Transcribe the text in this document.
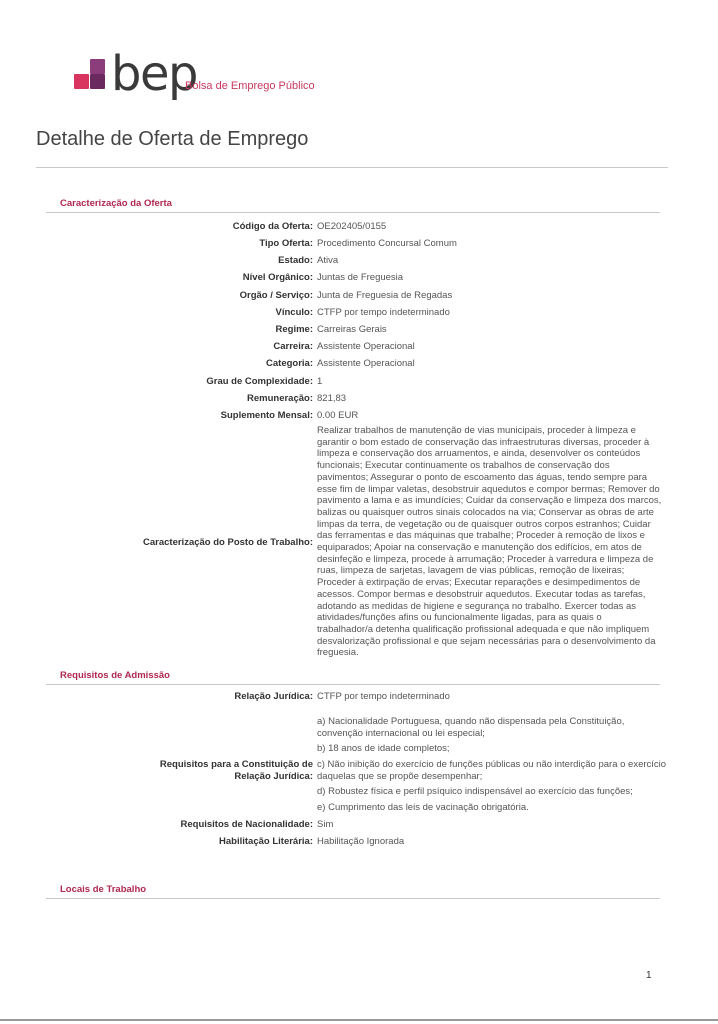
bep
Bolsa de Emprego Público
Detalhe de Oferta de Emprego
Caracterização da Oferta
Código da Oferta: OE202405/0155
Tipo Oferta: Procedimento Concursal Comum
Estado: Ativa
Nível Orgânico: Juntas de Freguesia
Orgão / Serviço: Junta de Freguesia de Regadas
Vínculo: CTFP por tempo indeterminado
Regime: Carreiras Gerais
Carreira: Assistente Operacional
Categoria: Assistente Operacional
Grau de Complexidade: 1
Remuneração: 821,83
Suplemento Mensal: 0.00 EUR
Caracterização do Posto de Trabalho:
Realizar trabalhos de manutenção de vias municipais, proceder à limpeza e
garantir o bom estado de conservação das infraestruturas diversas, proceder à
limpeza e conservação dos arruamentos, e ainda, desenvolver os conteúdos
funcionais; Executar continuamente os trabalhos de conservação dos
pavimentos; Assegurar o ponto de escoamento das águas, tendo sempre para
esse fim de limpar valetas, desobstruir aquedutos e compor bermas; Remover do
pavimento a lama e as imundícies; Cuidar da conservação e limpeza dos marcos,
balizas ou quaisquer outros sinais colocados na via; Conservar as obras de arte
limpas da terra, de vegetação ou de quaisquer outros corpos estranhos; Cuidar
das ferramentas e das máquinas que trabalhe; Proceder à remoção de lixos e
equiparados; Apoiar na conservação e manutenção dos edifícios, em atos de
desinfeção e limpeza, procede à arrumação; Proceder à varredura e limpeza de
ruas, limpeza de sarjetas, lavagem de vias públicas, remoção de lixeiras;
Proceder à extirpação de ervas; Executar reparações e desimpedimentos de
acessos. Compor bermas e desobstruir aquedutos. Executar todas as tarefas,
adotando as medidas de higiene e segurança no trabalho. Exercer todas as
atividades/funções afins ou funcionalmente ligadas, para as quais o
trabalhador/a detenha qualificação profissional adequada e que não impliquem
desvalorização profissional e que sejam necessárias para o desenvolvimento da
freguesia.
Requisitos de Admissão
Relação Jurídica: CTFP por tempo indeterminado
Requisitos para a Constituição de
Relação Jurídica:
a) Nacionalidade Portuguesa, quando não dispensada pela Constituição, convenção internacional ou lei especial;
b) 18 anos de idade completos;
c) Não inibição do exercício de funções públicas ou não interdição para o exercício daquelas que se propõe desempenhar;
d) Robustez física e perfil psíquico indispensável ao exercício das funções;
e) Cumprimento das leis de vacinação obrigatória.
Requisitos de Nacionalidade: Sim
Habilitação Literária: Habilitação Ignorada
Locais de Trabalho
1
